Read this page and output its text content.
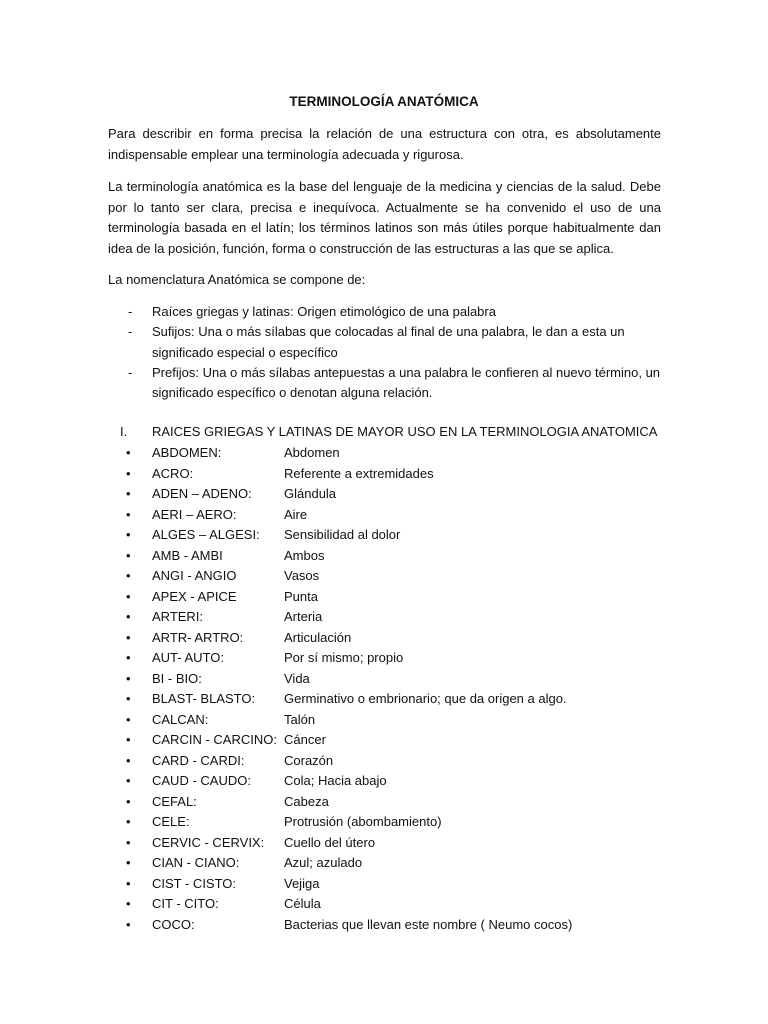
TERMINOLOGÍA ANATÓMICA

Para describir en forma precisa la relación de una estructura con otra, es absolutamente indispensable emplear una terminología adecuada y rigurosa.

La terminología anatómica es la base del lenguaje de la medicina y ciencias de la salud. Debe por lo tanto ser clara, precisa e inequívoca. Actualmente se ha convenido el uso de una terminología basada en el latín; los términos latinos son más útiles porque habitualmente dan idea de la posición, función, forma o construcción de las estructuras a las que se aplica.

La nomenclatura Anatómica se compone de:

- Raíces griegas y latinas: Origen etimológico de una palabra
- Sufijos: Una o más sílabas que colocadas al final de una palabra, le dan a esta un significado especial o específico
- Prefijos: Una o más sílabas antepuestas a una palabra le confieren al nuevo término, un significado específico o denotan alguna relación.
I. RAICES GRIEGAS Y LATINAS DE MAYOR USO EN LA TERMINOLOGIA ANATOMICA
• ABDOMEN:	Abdomen
• ACRO:	Referente a extremidades
• ADEN – ADENO: Glándula
• AERI – AERO:	Aire
• ALGES – ALGESI: Sensibilidad al dolor
• AMB - AMBI	Ambos
• ANGI - ANGIO	Vasos
• APEX - APICE	Punta
• ARTERI:	Arteria
• ARTR- ARTRO:	Articulación
• AUT- AUTO:	Por sí mismo; propio
• BI - BIO:	Vida
• BLAST- BLASTO: Germinativo o embrionario; que da origen a algo.
• CALCAN:	Talón
• CARCIN - CARCINO: Cáncer
• CARD - CARDI:	Corazón
• CAUD - CAUDO:	Cola; Hacia abajo
• CEFAL:	Cabeza
• CELE:	Protrusión (abombamiento)
• CERVIC - CERVIX: Cuello del útero
• CIAN - CIANO:	Azul; azulado
• CIST - CISTO:	Vejiga
• CIT - CITO:	Célula
• COCO:	Bacterias que llevan este nombre ( Neumo cocos)
